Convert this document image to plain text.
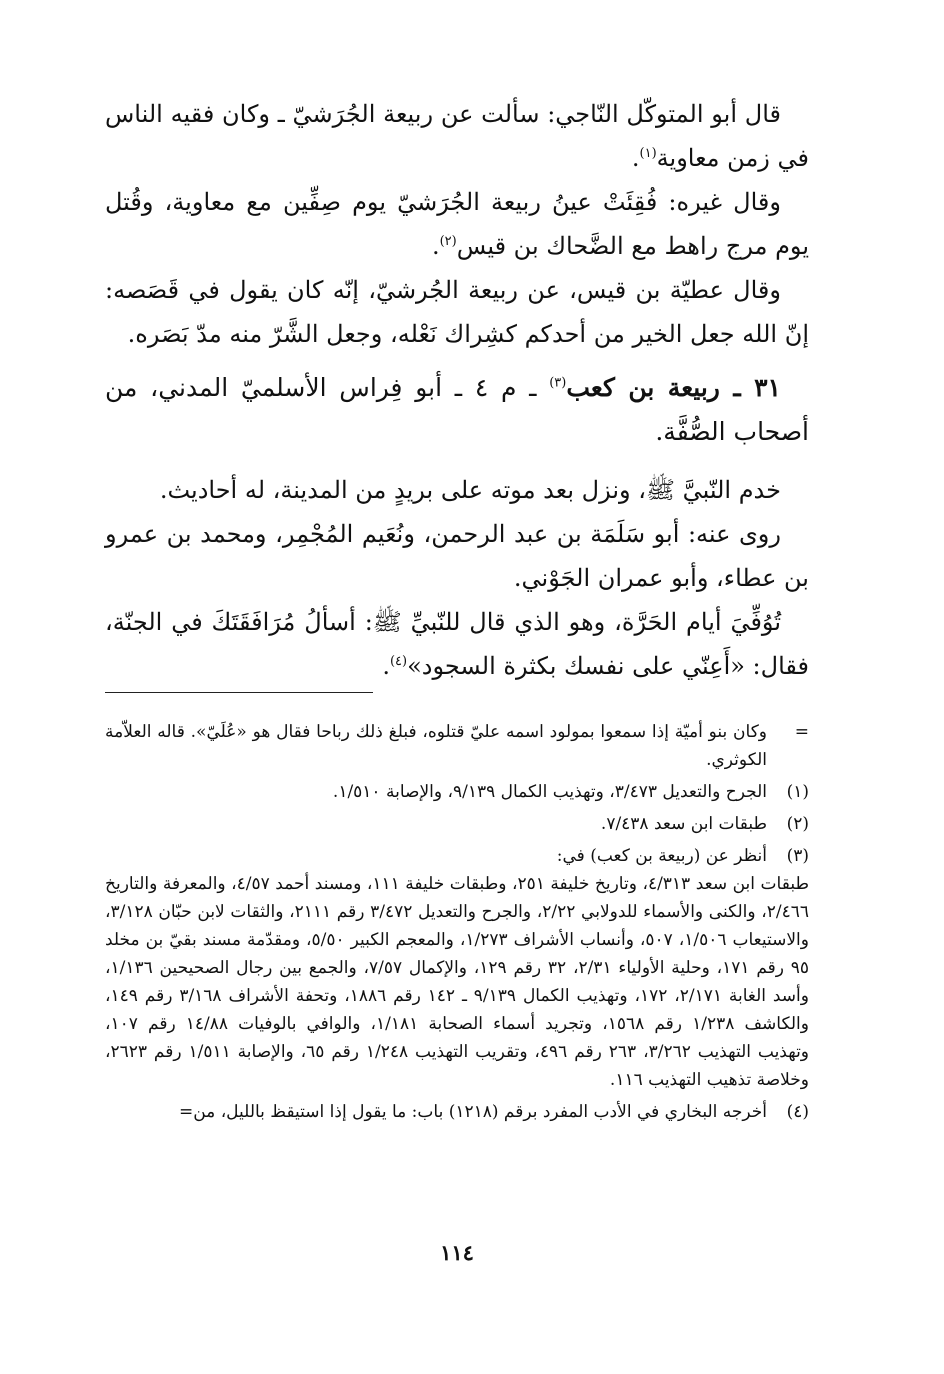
قال أبو المتوكّل النّاجي: سألت عن ربيعة الجُرَشيّ ـ وكان فقيه الناس في زمن معاوية$^{(١)}$.

وقال غيره: فُقِئَتْ عينُ ربيعة الجُرَشيّ يوم صِفِّين مع معاوية، وقُتل يوم مرج راهط مع الضَّحاك بن قيس$^{(٢)}$.

وقال عطيّة بن قيس، عن ربيعة الجُرشيّ، إنّه كان يقول في قَصَصه: إنّ الله جعل الخير من أحدكم كشِراك نَعْله، وجعل الشَّرّ منه مدّ بَصَره.

٣١ ـ ربيعة بن كعب$^{(٣)}$ ـ م ٤ ـ أبو فِراس الأسلميّ المدني، من أصحاب الصُّفَّة.

خدم النّبيَّ ﷺ، ونزل بعد موته على بريدٍ من المدينة، له أحاديث.

روى عنه: أبو سَلَمَة بن عبد الرحمن، ونُعَيم المُجْمِر، ومحمد بن عمرو بن عطاء، وأبو عمران الجَوْني.

تُوُفِّيَ أيام الحَرَّة، وهو الذي قال للنّبيِّ ﷺ: أسألُ مُرَافَقَتَكَ في الجنّة، فقال: «أَعِنّي على نفسك بكثرة السجود»$^{(٤)}$.

=
وكان بنو أميّة إذا سمعوا بمولود اسمه عليّ قتلوه، فبلغ ذلك رباحا فقال هو «عُلَيّ». قاله العلاّمة الكوثري.
(١)
الجرح والتعديل ٣/٤٧٣، وتهذيب الكمال ٩/١٣٩، والإصابة ١/٥١٠.
(٢)
طبقات ابن سعد ٧/٤٣٨.
(٣)
أنظر عن (ربيعة بن كعب) في:
طبقات ابن سعد ٤/٣١٣، وتاريخ خليفة ٢٥١، وطبقات خليفة ١١١، ومسند أحمد ٤/٥٧، والمعرفة والتاريخ ٢/٤٦٦، والكنى والأسماء للدولابي ٢/٢٢، والجرح والتعديل ٣/٤٧٢ رقم ٢١١١، والثقات لابن حبّان ٣/١٢٨، والاستيعاب ١/٥٠٦، ٥٠٧، وأنساب الأشراف ١/٢٧٣، والمعجم الكبير ٥/٥٠، ومقدّمة مسند بقيّ بن مخلد ٩٥ رقم ١٧١، وحلية الأولياء ٢/٣١، ٣٢ رقم ١٢٩، والإكمال ٧/٥٧، والجمع بين رجال الصحيحين ١/١٣٦، وأسد الغابة ٢/١٧١، ١٧٢، وتهذيب الكمال ٩/١٣٩ ـ ١٤٢ رقم ١٨٨٦، وتحفة الأشراف ٣/١٦٨ رقم ١٤٩، والكاشف ١/٢٣٨ رقم ١٥٦٨، وتجريد أسماء الصحابة ١/١٨١، والوافي بالوفيات ١٤/٨٨ رقم ١٠٧، وتهذيب التهذيب ٣/٢٦٢، ٢٦٣ رقم ٤٩٦، وتقريب التهذيب ١/٢٤٨ رقم ٦٥، والإصابة ١/٥١١ رقم ٢٦٢٣، وخلاصة تذهيب التهذيب ١١٦.
(٤)
أخرجه البخاري في الأدب المفرد برقم (١٢١٨) باب: ما يقول إذا استيقظ بالليل، من=
١١٤
